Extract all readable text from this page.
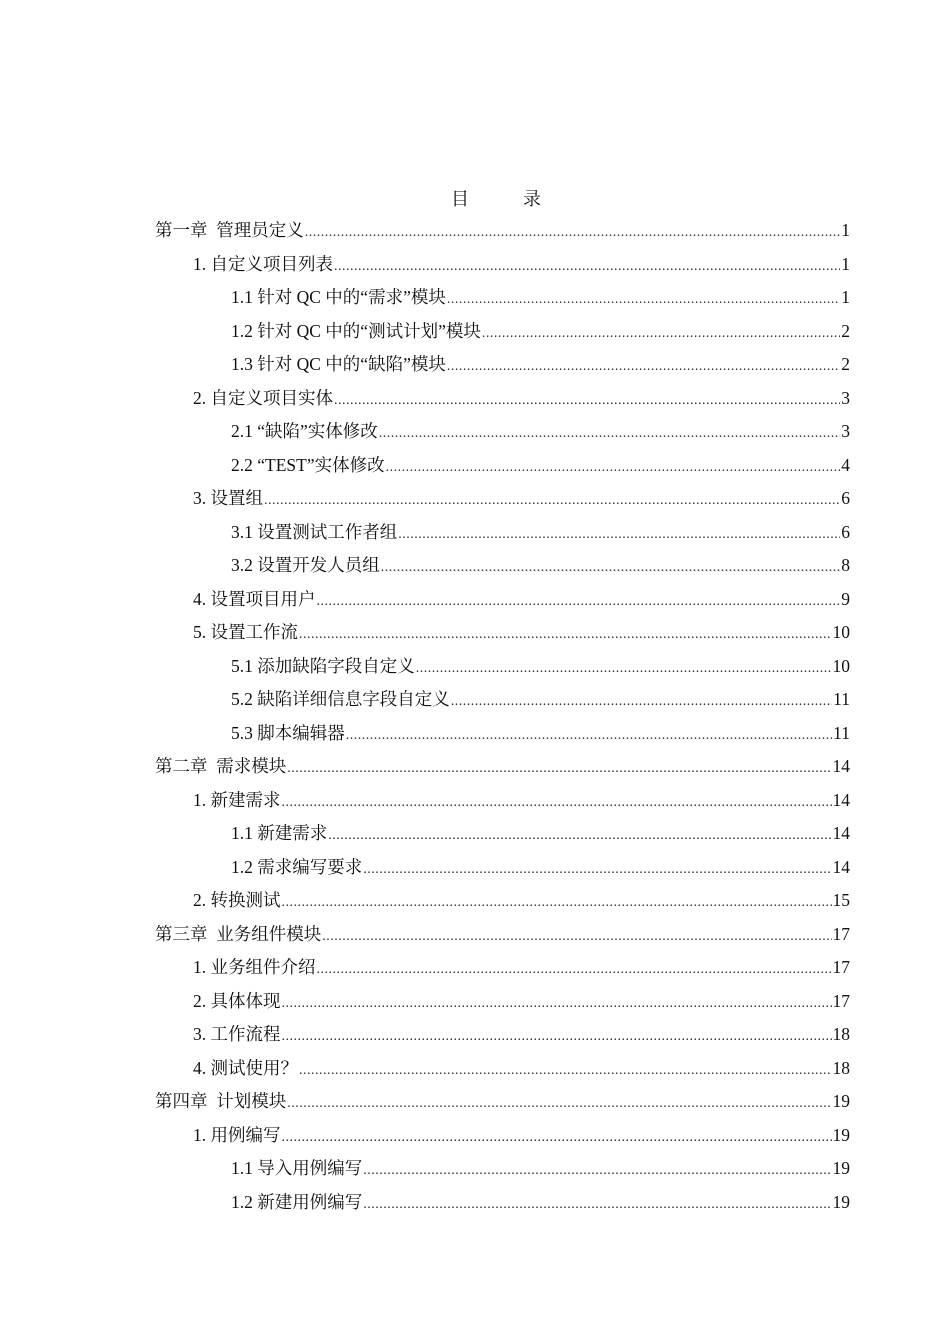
目　录
第一章  管理员定义 .....	1
1. 自定义项目列表 .....	1
1.1 针对 QC 中的“需求”模块 .....	1
1.2 针对 QC 中的“测试计划”模块 .....	2
1.3 针对 QC 中的“缺陷”模块 .....	2
2. 自定义项目实体 .....	3
2.1 “缺陷”实体修改 .....	3
2.2 “TEST”实体修改 .....	4
3. 设置组 .....	6
3.1 设置测试工作者组 .....	6
3.2 设置开发人员组 .....	8
4. 设置项目用户 .....	9
5. 设置工作流 .....	10
5.1 添加缺陷字段自定义 .....	10
5.2 缺陷详细信息字段自定义 .....	11
5.3 脚本编辑器 .....	11
第二章  需求模块 .....	14
1. 新建需求 .....	14
1.1 新建需求 .....	14
1.2 需求编写要求 .....	14
2. 转换测试 .....	15
第三章  业务组件模块 .....	17
1. 业务组件介绍 .....	17
2. 具体体现 .....	17
3. 工作流程 .....	18
4. 测试使用？ .....	18
第四章  计划模块 .....	19
1. 用例编写 .....	19
1.1 导入用例编写 .....	19
1.2 新建用例编写 .....	19
